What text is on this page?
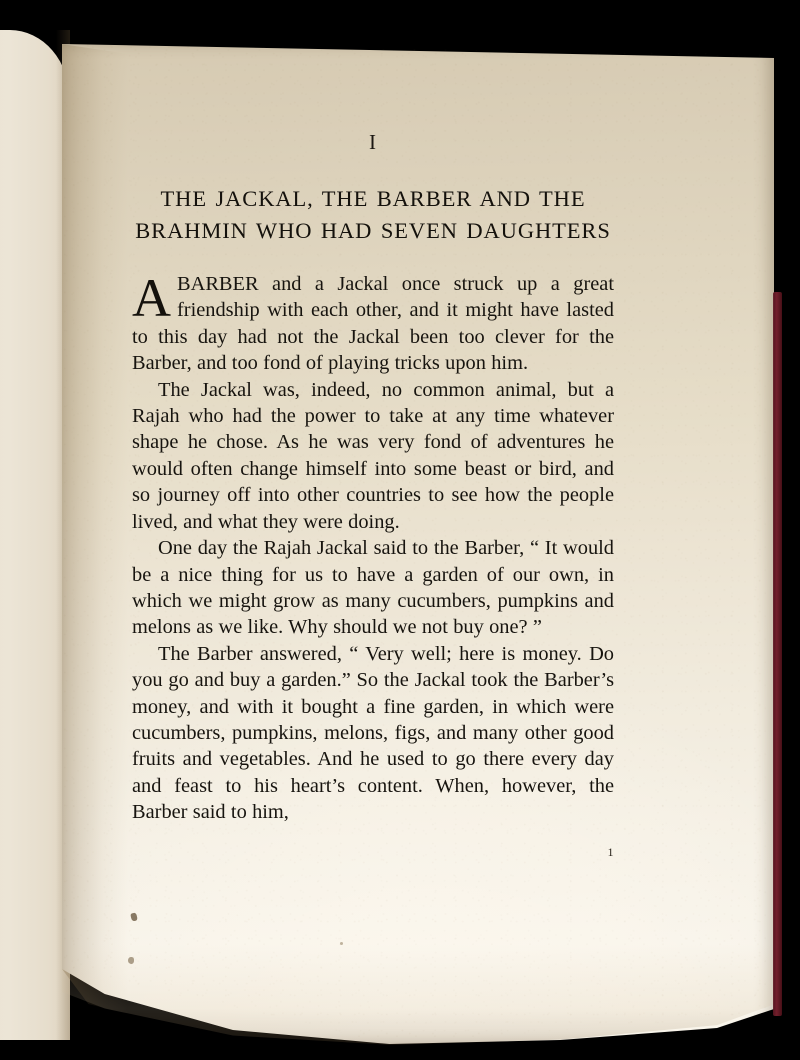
I
THE JACKAL, THE BARBER AND THE
BRAHMIN WHO HAD SEVEN DAUGHTERS

ABARBER and a Jackal once struck up a great friendship with each other, and it might have lasted to this day had not the Jackal been too clever for the Barber, and too fond of playing tricks upon him.

The Jackal was, indeed, no common animal, but a Rajah who had the power to take at any time whatever shape he chose. As he was very fond of adventures he would often change himself into some beast or bird, and so journey off into other countries to see how the people lived, and what they were doing.

One day the Rajah Jackal said to the Barber, “ It would be a nice thing for us to have a garden of our own, in which we might grow as many cucumbers, pumpkins and melons as we like. Why should we not buy one? ”

The Barber answered, “ Very well; here is money. Do you go and buy a garden.” So the Jackal took the Barber’s money, and with it bought a fine garden, in which were cucumbers, pumpkins, melons, figs, and many other good fruits and vegetables. And he used to go there every day and feast to his heart’s content. When, however, the Barber said to him,

1
